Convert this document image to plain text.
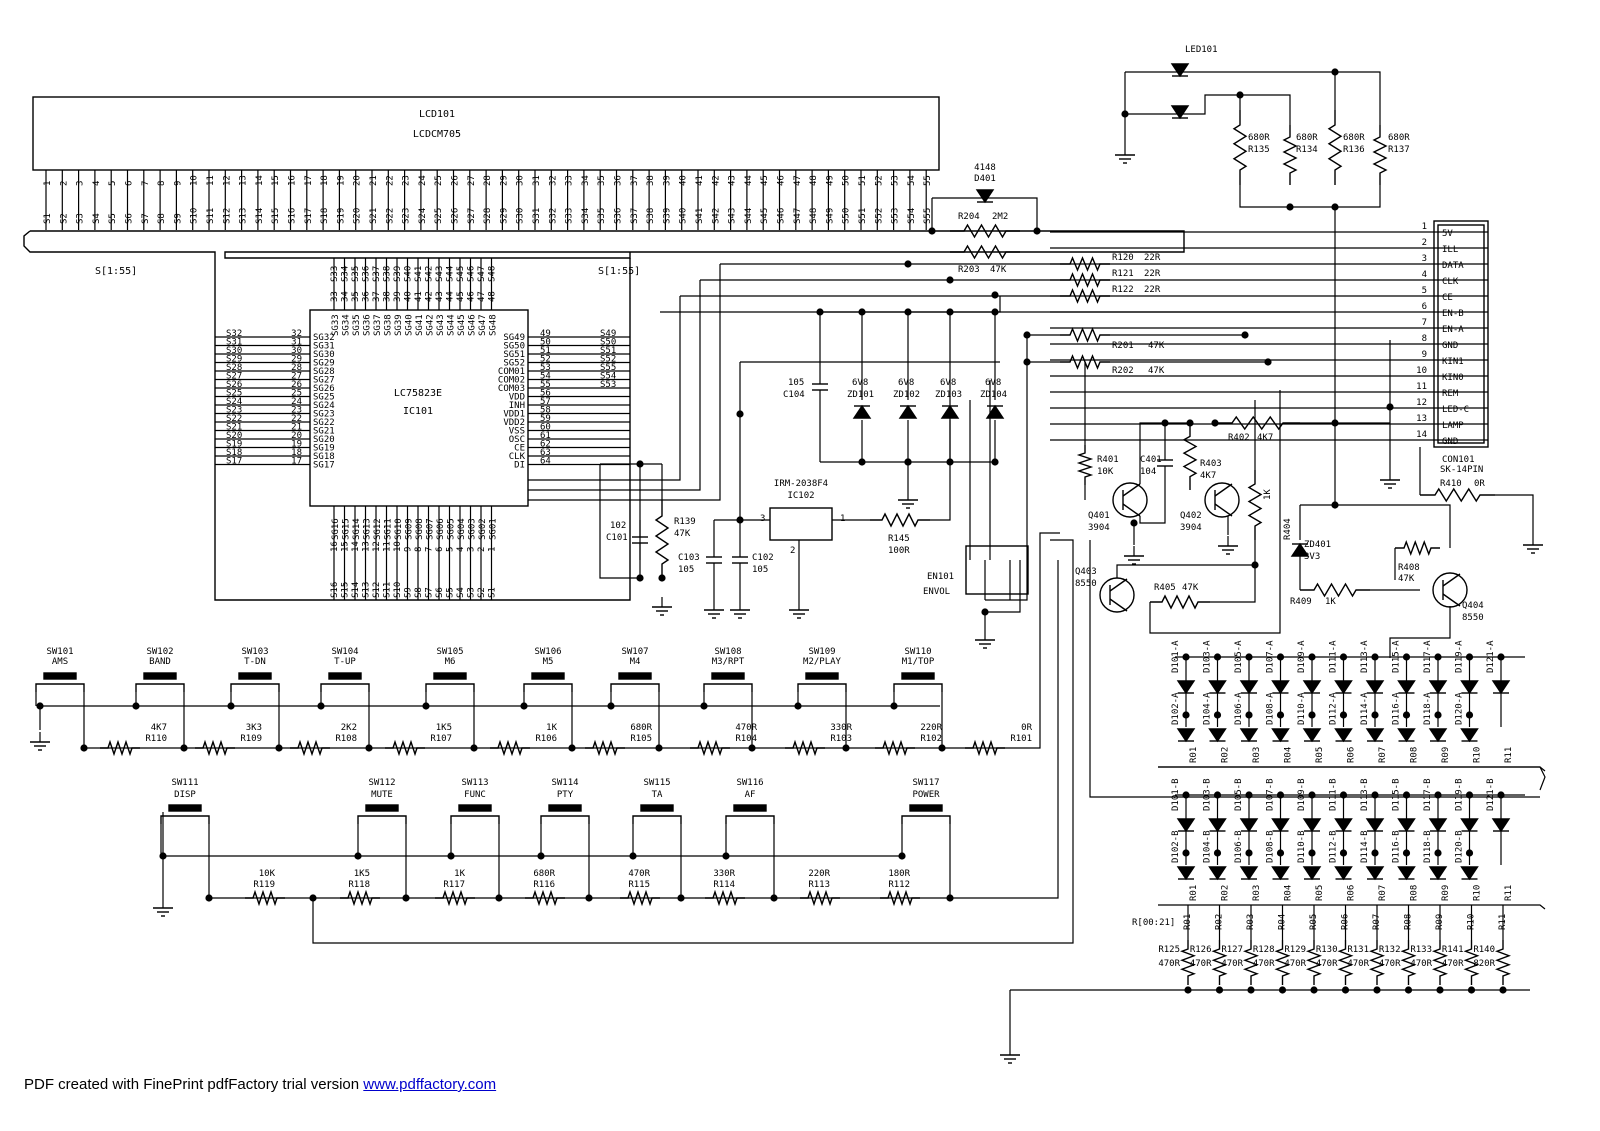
LCD101
LCDCM705
1
S1
2
S2
3
S3
4
S4
5
S5
6
S6
7
S7
8
S8
9
S9
10
S10
11
S11
12
S12
13
S13
14
S14
15
S15
16
S16
17
S17
18
S18
19
S19
20
S20
21
S21
22
S22
23
S23
24
S24
25
S25
26
S26
27
S27
28
S28
29
S29
30
S30
31
S31
32
S32
33
S33
34
S34
35
S35
36
S36
37
S37
38
S38
39
S39
40
S40
41
S41
42
S42
43
S43
44
S44
45
S45
46
S46
47
S47
48
S48
49
S49
50
S50
51
S51
52
S52
53
S53
54
S54
55
S55
S[1:55]	S[1:55]
LC75823E
IC101
S32	32 SG32
S31	31 SG31
S30	30 SG30
S29	29 SG29
S28	28 SG28
S27	27 SG27
S26	26 SG26
S25	25 SG25
S24	24 SG24
S23	23 SG23
S22	22 SG22
S21	21 SG21
S20	20 SG20
S19	19 SG19
S18	18 SG18
S17	17 SG17
SG49 49	S49
SG50 50	S50
SG51 51	S51
SG52 52	S52
COM01 53	S55
COM02 54	S54
COM03 55	S53
VDD 56
INH 57
VDD1 58
VDD2 59
VSS 60
OSC 61
CE 62
CLK 63
DI 64
S33
33
SG33
S34
34
SG34
S35
35
SG35
S36
36
SG36
S37
37
SG37
S38
38
SG38
S39
39
SG39
S40
40
SG40
S41
41
SG41
S42
42
SG42
S43
43
SG43
S44
44
SG44
S45
45
SG45
S46
46
SG46
S47
47
SG47
S48
48
SG48
SG16
16
S16
SG15
15
S15
SG14
14
S14
SG13
13
S13
SG12
12
S12
SG11
11
S11
SG10
10
S10
SG09
9
S9
SG08
8
S8
SG07
7
S7
SG06
6
S6
SG05
5
S5
SG04
4
S4
SG03
3
S3
SG02
2
S2
SG01
1
S1
1
5V
2
ILL
3
DATA
4
CLK
5
CE
6
EN-B
7
EN-A
8
GND
9
KIN1
10
KIN0
11
REM
12
LED-C
13
LAMP
14
GND
CON101
SK-14PIN
LED101
680R
R135
680R
R134
680R
R136
680R
R137
4148
D401
R204 2M2
R203 47K
R120 22R
R121 22R
R122 22R
6V8
ZD101
6V8
ZD102
6V8
ZD103
6V8
ZD104
105
C104
R201 47K
R202 47K
102
C101
R139
47K
C103
105
C102
105
IRM-2038F4
IC102
3	1
2
R145
100R
EN101
ENVOL
R401
10K
Q401
3904
C401
104
R403
4K7
Q402
3904
R402 4K7
1K
R404
Q403
8550	R405 47K
ZD401
3V3
R408
47K
R409 1K	Q404
8550
R410 0R
SW101
AMS
SW102
BAND
SW103
T-DN
SW104
T-UP
SW105
M6
SW106
M5
SW107
M4
SW108
M3/RPT
SW109
M2/PLAY
SW110
M1/TOP
4K7
R110
3K3
R109
2K2
R108
1K5
R107
1K
R106
680R
R105
470R
R104
330R
R103
220R
R102
0R
R101
SW111
DISP
SW112
MUTE
SW113
FUNC
SW114
PTY
SW115
TA
SW116
AF
SW117
POWER
10K
R119
1K5
R118
1K
R117
680R
R116
470R
R115
330R
R114
220R
R113
180R
R112
D101-A
D102-A
R01
D103-A
D104-A
R02
D105-A
D106-A
R03
D107-A
D108-A
R04
D109-A
D110-A
R05
D111-A
D112-A
R06
D113-A
D114-A
R07
D115-A
D116-A
R08
D117-A
D118-A
R09
D119-A
D120-A
R10
D121-A
R11
D101-B
D102-B
R01
D103-B
D104-B
R02
D105-B
D106-B
R03
D107-B
D108-B
R04
D109-B
D110-B
R05
D111-B
D112-B
R06
D113-B
D114-B
R07
D115-B
D116-B
R08
D117-B
D118-B
R09
D119-B
D120-B
R10
D121-B
R11
R[00:21] R01
R125
470R
R02
R126
470R
R03
R127
470R
R04
R128
470R
R05
R129
470R
R06
R130
470R
R07
R131
470R
R08
R132
470R
R09
R133
470R
R10
R141
470R
R11
R140
820R
PDF created with FinePrint pdfFactory trial version www.pdffactory.com
